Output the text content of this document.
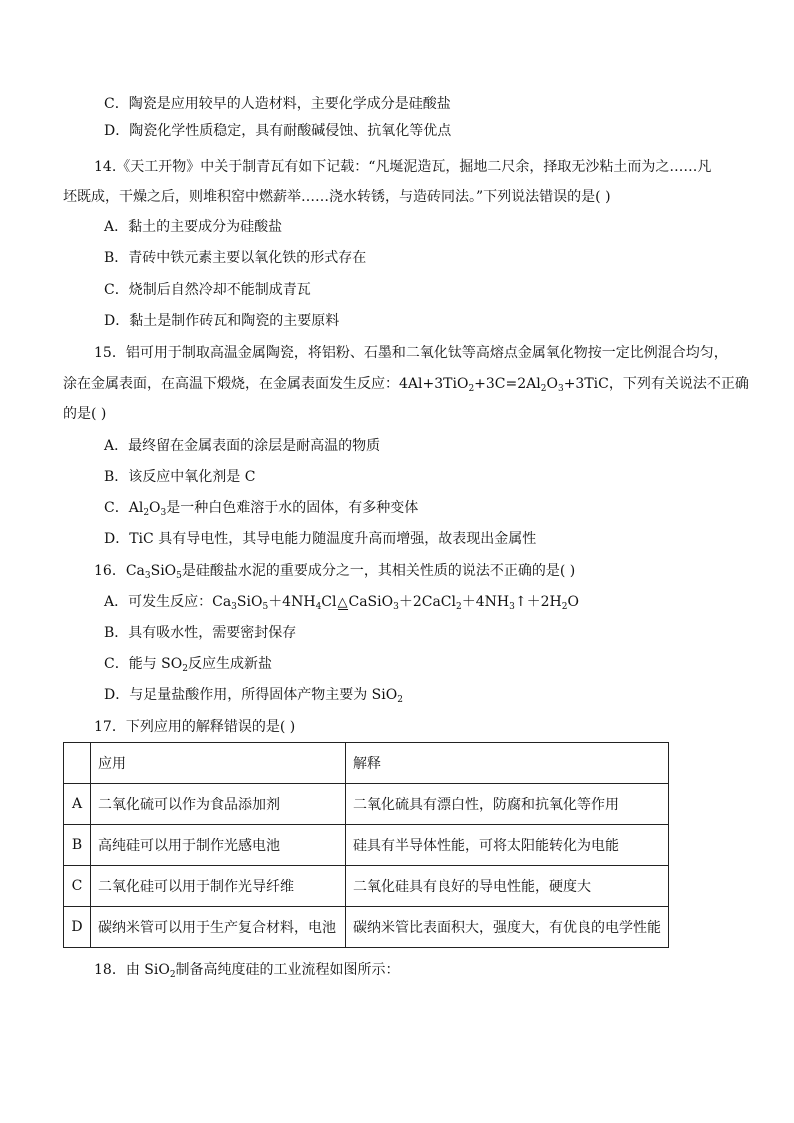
C．陶瓷是应用较早的人造材料，主要化学成分是硅酸盐
D．陶瓷化学性质稳定，具有耐酸碱侵蚀、抗氧化等优点
14.《天工开物》中关于制青瓦有如下记载：“凡埏泥造瓦，掘地二尺余，择取无沙粘土而为之……凡
坯既成，干燥之后，则堆积窑中燃薪举……浇水转锈，与造砖同法。”下列说法错误的是( )
A．黏土的主要成分为硅酸盐
B．青砖中铁元素主要以氧化铁的形式存在
C．烧制后自然冷却不能制成青瓦
D．黏土是制作砖瓦和陶瓷的主要原料
15．铝可用于制取高温金属陶瓷，将铝粉、石墨和二氧化钛等高熔点金属氧化物按一定比例混合均匀，
涂在金属表面，在高温下煅烧，在金属表面发生反应：$4Al+3TiO_2+3C=2Al_2O_3+3TiC$，下列有关说法不正确
的是( )
A．最终留在金属表面的涂层是耐高温的物质
B．该反应中氧化剂是 C
C．$Al_2O_3$是一种白色难溶于水的固体，有多种变体
D．TiC 具有导电性，其导电能力随温度升高而增强，故表现出金属性
16．$Ca_3SiO_5$是硅酸盐水泥的重要成分之一，其相关性质的说法不正确的是( )
A．可发生反应：$Ca_3SiO_5+4NH_4Cl\triangle CaSiO_3+2CaCl_2+4NH_3↑+2H_2O$
B．具有吸水性，需要密封保存
C．能与 $SO_2$反应生成新盐
D．与足量盐酸作用，所得固体产物主要为 SiO$_2$
17．下列应用的解释错误的是( )
	应用	解释
A	二氧化硫可以作为食品添加剂	二氧化硫具有漂白性，防腐和抗氧化等作用
B	高纯硅可以用于制作光感电池	硅具有半导体性能，可将太阳能转化为电能
C	二氧化硅可以用于制作光导纤维	二氧化硅具有良好的导电性能，硬度大
D	碳纳米管可以用于生产复合材料，电池	碳纳米管比表面积大，强度大，有优良的电学性能
18．由 SiO$_2$制备高纯度硅的工业流程如图所示：
